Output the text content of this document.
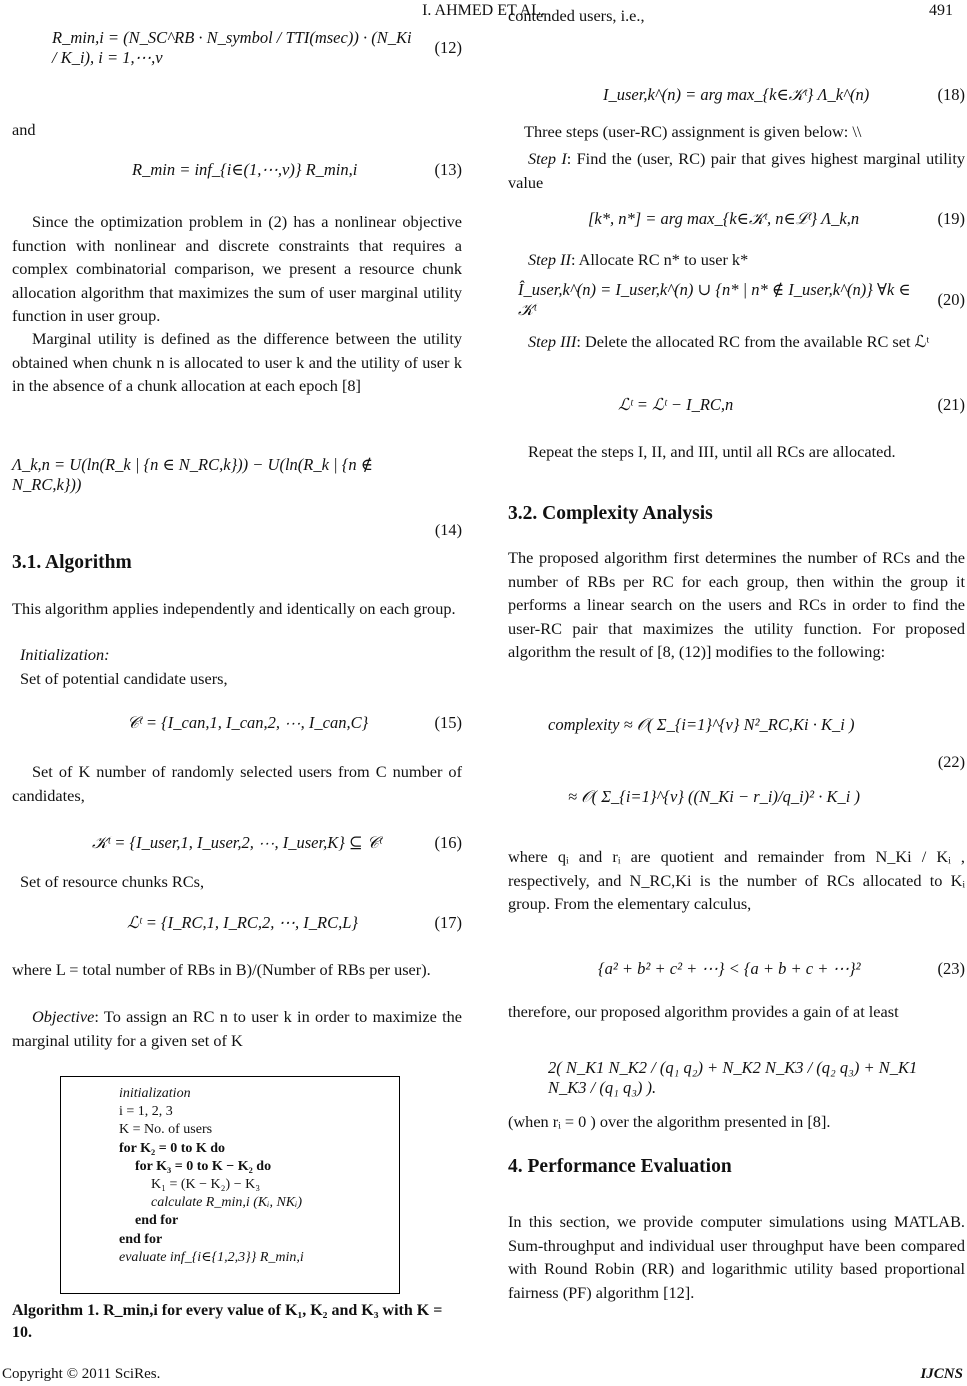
I. AHMED ET AL.	491
R_min,i = (N_SC^RB · N_symbol / TTI(msec)) · (N_Ki / K_i), i = 1,⋯,ν
(12)
and
R_min = inf_{i∈(1,⋯,ν)} R_min,i	(13)

Since the optimization problem in (2) has a nonlinear objective function with nonlinear and discrete constraints that requires a complex combinatorial comparison, we present a resource chunk allocation algorithm that maximizes the sum of user marginal utility function in user group.

Marginal utility is defined as the difference between the utility obtained when chunk n is allocated to user k and the utility of user k in the absence of a chunk allocation at each epoch [8]

Λ_k,n = U(ln(R_k | {n ∈ N_RC,k})) − U(ln(R_k | {n ∉ N_RC,k}))
(14)
3.1. Algorithm

This algorithm applies independently and identically on each group.

Initialization:
Set of potential candidate users,
𝒞ᵗ = {I_can,1, I_can,2, ⋯, I_can,C}	(15)

Set of K number of randomly selected users from C number of candidates,

𝒦ᵗ = {I_user,1, I_user,2, ⋯, I_user,K} ⊆ 𝒞ᵗ	(16)
Set of resource chunks RCs,
ℒᵗ = {I_RC,1, I_RC,2, ⋯, I_RC,L}	(17)

where L = total number of RBs in B)/(Number of RBs per user).

Objective: To assign an RC n to user k in order to maximize the marginal utility for a given set of K

initialization
i = 1, 2, 3
K = No. of users
for K₂ = 0 to K do
for K₃ = 0 to K − K₂ do
K₁ = (K − K₂) − K₃
calculate R_min,i (Kᵢ, NKᵢ)
end for
end for
evaluate inf_{i∈{1,2,3}} R_min,i
Algorithm 1. R_min,i for every value of K₁, K₂ and K₃ with K = 10.

contended users, i.e.,

I_user,k^(n) = arg max_{k∈𝒦ᵗ} Λ_k^(n)	(18)
Three steps (user-RC) assignment is given below: \\

Step I: Find the (user, RC) pair that gives highest marginal utility value

[k*, n*] = arg max_{k∈𝒦ᵗ, n∈ℒᵗ} Λ_k,n	(19)

Step II: Allocate RC n* to user k*

Î_user,k^(n) = I_user,k^(n) ∪ {n* | n* ∉ I_user,k^(n)} ∀k ∈ 𝒦ᵗ
(20)

Step III: Delete the allocated RC from the available RC set ℒᵗ

ℒᵗ = ℒᵗ − I_RC,n	(21)

Repeat the steps I, II, and III, until all RCs are allocated.

3.2. Complexity Analysis

The proposed algorithm first determines the number of RCs and the number of RBs per RC for each group, then within the group it performs a linear search on the users and RCs in order to find the user-RC pair that maximizes the utility function. For proposed algorithm the result of [8, (12)] modifies to the following:

complexity ≈ 𝒪( Σ_{i=1}^{ν} N²_RC,Ki · K_i )
≈ 𝒪( Σ_{i=1}^{ν} ((N_Ki − r_i)/q_i)² · K_i )
(22)

where qᵢ and rᵢ are quotient and remainder from N_Ki / Kᵢ , respectively, and N_RC,Ki is the number of RCs allocated to Kᵢ group. From the elementary calculus,

{a² + b² + c² + ⋯} < {a + b + c + ⋯}²	(23)

therefore, our proposed algorithm provides a gain of at least

2( N_K1 N_K2 / (q₁ q₂) + N_K2 N_K3 / (q₂ q₃) + N_K1 N_K3 / (q₁ q₃) ).
(when rᵢ = 0 ) over the algorithm presented in [8].
4. Performance Evaluation

In this section, we provide computer simulations using MATLAB. Sum-throughput and individual user throughput have been compared with Round Robin (RR) and logarithmic utility based proportional fairness (PF) algorithm [12].

Copyright © 2011 SciRes.	IJCNS
